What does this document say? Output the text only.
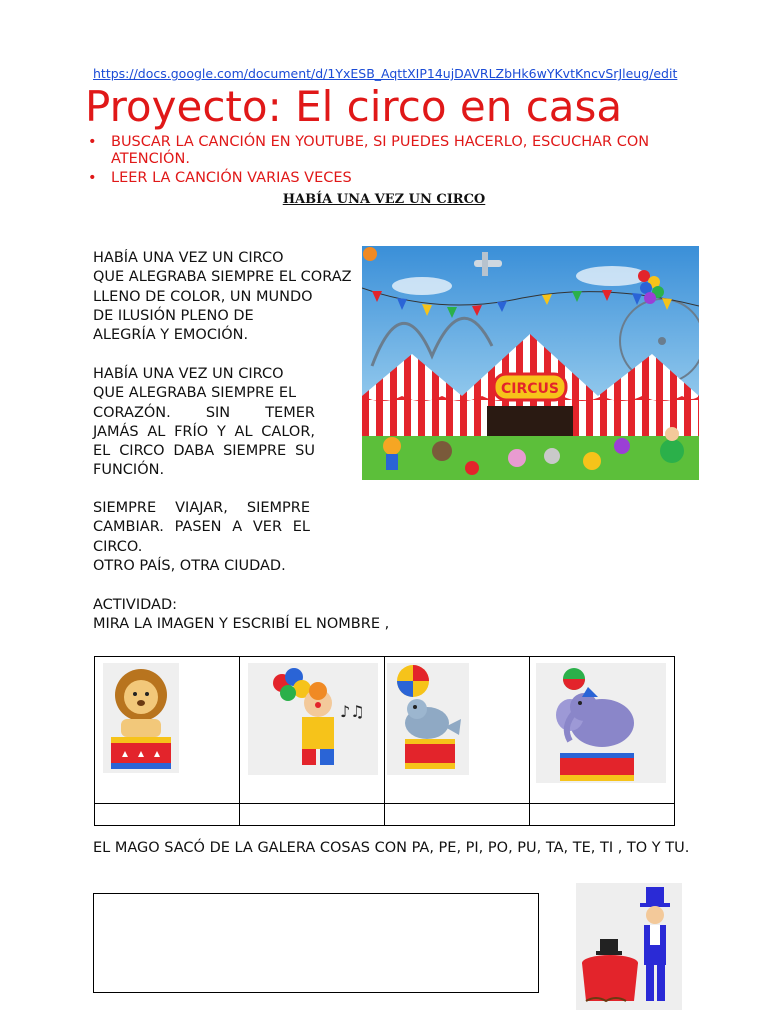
https://docs.google.com/document/d/1YxESB_AqttXIP14ujDAVRLZbHk6wYKvtKncvSrJleug/edit
Proyecto: El circo en casa
• BUSCAR LA CANCIÓN EN YOUTUBE, SI PUEDES HACERLO, ESCUCHAR CON ATENCIÓN.
• LEER LA CANCIÓN VARIAS VECES
HABÍA UNA VEZ UN CIRCO
HABÍA UNA VEZ UN CIRCO
QUE ALEGRABA SIEMPRE EL CORAZ
LLENO DE COLOR, UN MUNDO
DE ILUSIÓN PLENO DE
ALEGRÍA Y EMOCIÓN.
HABÍA UNA VEZ UN CIRCO
QUE ALEGRABA SIEMPRE EL
CORAZÓN. SIN TEMER
JAMÁS AL FRÍO Y AL CALOR,
EL CIRCO DABA SIEMPRE SU
FUNCIÓN.
SIEMPRE VIAJAR, SIEMPRE
CAMBIAR. PASEN A VER EL
CIRCO.
OTRO PAÍS, OTRA CIUDAD.
ACTIVIDAD:
MIRA LA IMAGEN Y ESCRIBÍ EL NOMBRE ,
CIRCUS

♪♫

EL MAGO SACÓ DE LA GALERA COSAS CON PA, PE, PI, PO, PU, TA, TE, TI , TO Y TU.
